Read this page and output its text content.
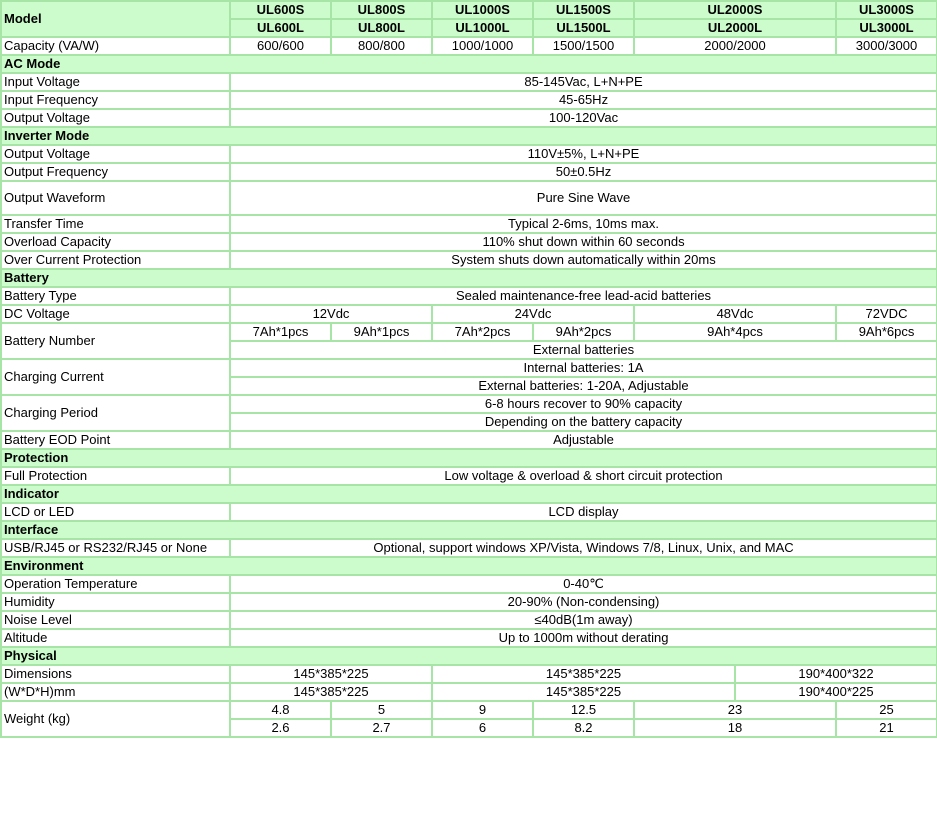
Model	UL600S	UL800S	UL1000S	UL1500S	UL2000S		UL3000S
	UL600L	UL800L	UL1000L	UL1500L	UL2000L		UL3000L
Capacity (VA/W)	600/600	800/800	1000/1000	1500/1500	2000/2000		3000/3000
AC Mode							
Input Voltage	85-145Vac, L+N+PE						
Input Frequency	45-65Hz						
Output Voltage	100-120Vac						
Inverter Mode							
Output Voltage	110V±5%, L+N+PE						
Output Frequency	50±0.5Hz						
Output Waveform	Pure Sine Wave						
Transfer Time	Typical 2-6ms, 10ms max.						
Overload Capacity	110% shut down within 60 seconds						
Over Current Protection	System shuts down automatically within 20ms						
Battery							
Battery Type	Sealed maintenance-free lead-acid batteries						
DC Voltage	12Vdc		24Vdc		48Vdc		72VDC
Battery Number	7Ah*1pcs	9Ah*1pcs	7Ah*2pcs	9Ah*2pcs	9Ah*4pcs		9Ah*6pcs
	External batteries						
Charging Current	Internal batteries: 1A						
	External batteries: 1-20A, Adjustable						
Charging Period	6-8 hours recover to 90% capacity						
	Depending on the battery capacity						
Battery EOD Point	Adjustable						
Protection							
Full Protection	Low voltage & overload & short circuit protection						
Indicator							
LCD or LED	LCD display						
Interface							
USB/RJ45 or RS232/RJ45 or None	Optional, support windows XP/Vista, Windows 7/8, Linux, Unix, and MAC						
Environment							
Operation Temperature	0-40℃						
Humidity	20-90% (Non-condensing)						
Noise Level	≤40dB(1m away)						
Altitude	Up to 1000m without derating						
Physical							
Dimensions	145*385*225		145*385*225			190*400*322	
(W*D*H)mm	145*385*225		145*385*225			190*400*225	
Weight (kg)	4.8	5	9	12.5	23		25
	2.6	2.7	6	8.2	18		21
